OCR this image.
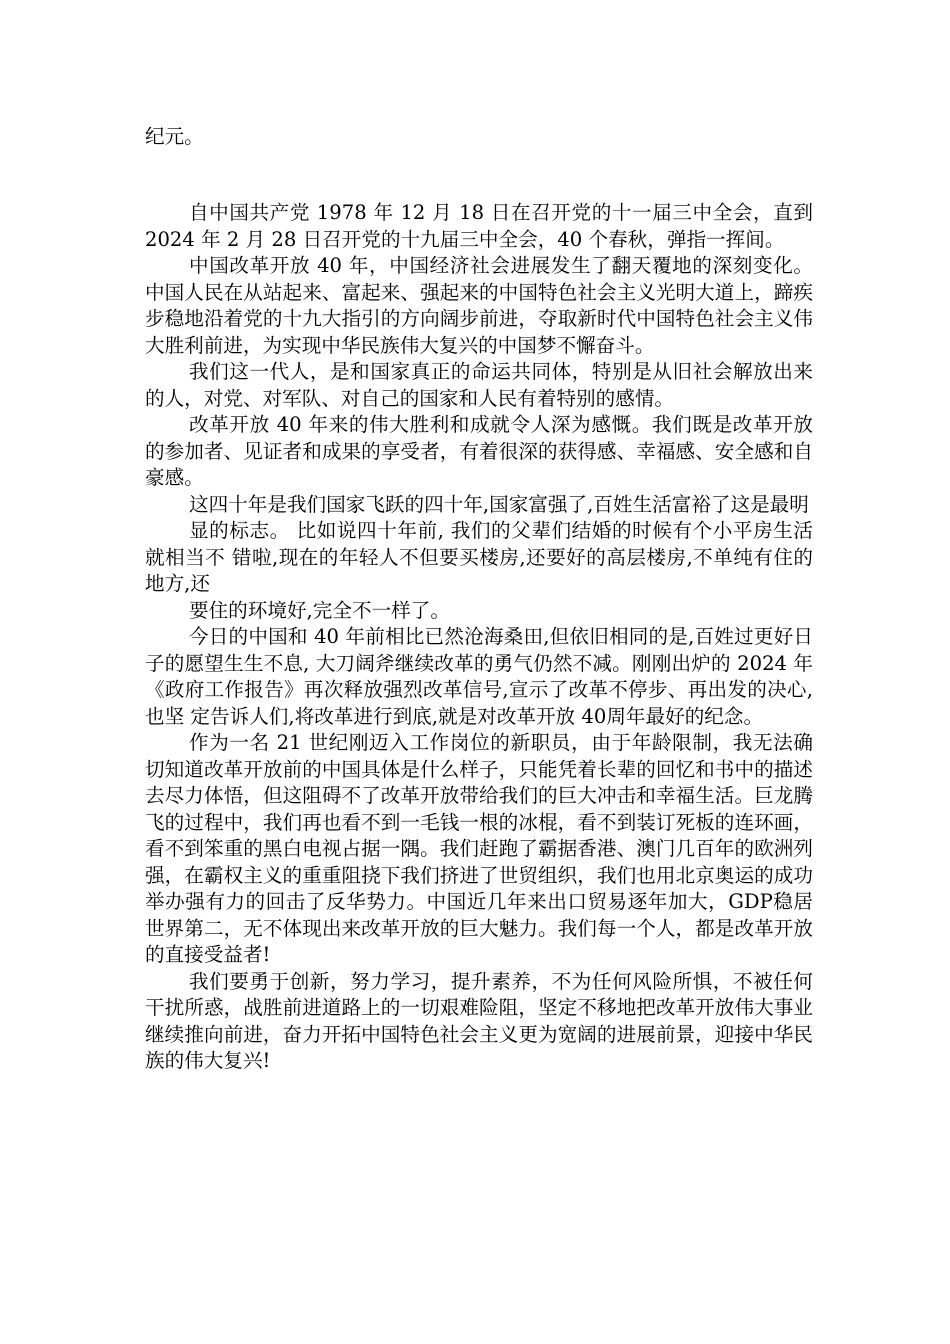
纪元。

自中国共产党 1978 年 12 月 18 日在召开党的十一届三中全会，直到 2024 年 2 月 28 日召开党的十九届三中全会，40 个春秋，弹指一挥间。

中国改革开放 40 年，中国经济社会进展发生了翻天覆地的深刻变化。中国人民在从站起来、富起来、强起来的中国特色社会主义光明大道上，蹄疾步稳地沿着党的十九大指引的方向阔步前进，夺取新时代中国特色社会主义伟大胜利前进，为实现中华民族伟大复兴的中国梦不懈奋斗。

我们这一代人，是和国家真正的命运共同体，特别是从旧社会解放出来的人，对党、对军队、对自己的国家和人民有着特别的感情。

改革开放 40 年来的伟大胜利和成就令人深为感慨。我们既是改革开放的参加者、见证者和成果的享受者，有着很深的获得感、幸福感、安全感和自豪感。

这四十年是我们国家飞跃的四十年,国家富强了,百姓生活富裕了这是最明

显的标志。 比如说四十年前, 我们的父辈们结婚的时候有个小平房生活就相当不 错啦,现在的年轻人不但要买楼房,还要好的高层楼房,不单纯有住的地方,还

要住的环境好,完全不一样了。

今日的中国和 40 年前相比已然沧海桑田,但依旧相同的是,百姓过更好日子的愿望生生不息, 大刀阔斧继续改革的勇气仍然不减。刚刚出炉的 2024 年《政府工作报告》再次释放强烈改革信号,宣示了改革不停步、再出发的决心,也坚 定告诉人们,将改革进行到底,就是对改革开放 40周年最好的纪念。

作为一名 21 世纪刚迈入工作岗位的新职员，由于年龄限制，我无法确切知道改革开放前的中国具体是什么样子，只能凭着长辈的回忆和书中的描述去尽力体悟，但这阻碍不了改革开放带给我们的巨大冲击和幸福生活。巨龙腾飞的过程中，我们再也看不到一毛钱一根的冰棍，看不到装订死板的连环画，看不到笨重的黑白电视占据一隅。我们赶跑了霸据香港、澳门几百年的欧洲列强，在霸权主义的重重阻挠下我们挤进了世贸组织，我们也用北京奥运的成功举办强有力的回击了反华势力。中国近几年来出口贸易逐年加大，GDP稳居世界第二，无不体现出来改革开放的巨大魅力。我们每一个人，都是改革开放的直接受益者!

我们要勇于创新，努力学习，提升素养，不为任何风险所惧，不被任何干扰所惑，战胜前进道路上的一切艰难险阻，坚定不移地把改革开放伟大事业继续推向前进，奋力开拓中国特色社会主义更为宽阔的进展前景，迎接中华民族的伟大复兴!
